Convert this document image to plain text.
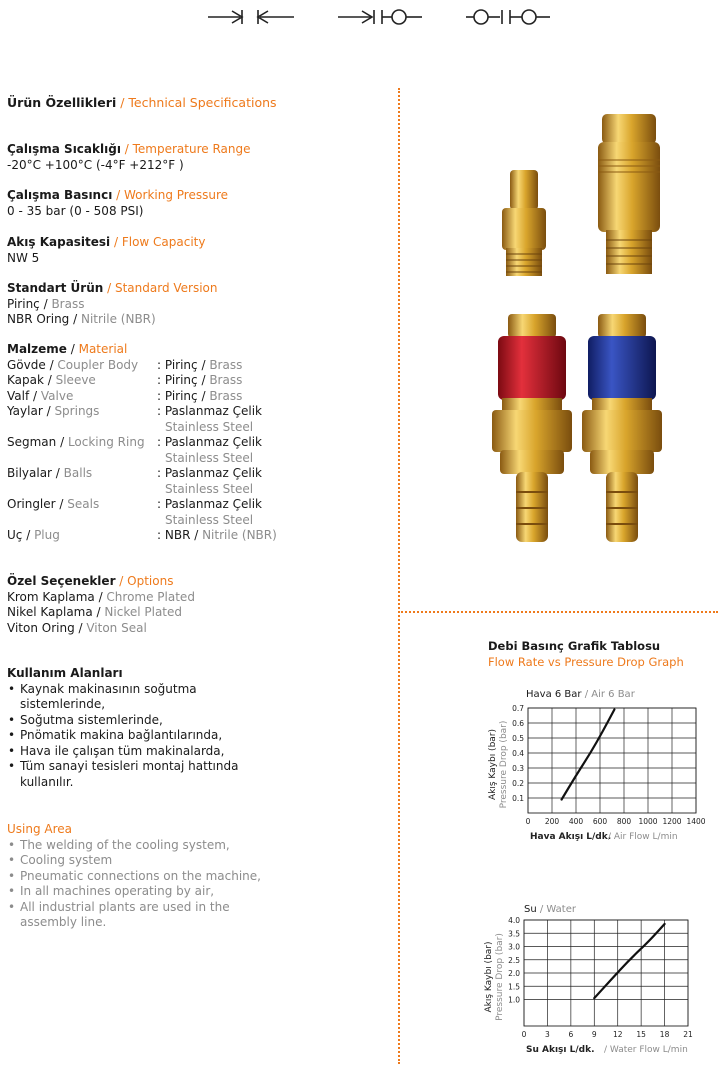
Ürün Özellikleri / Technical Specifications
Çalışma Sıcaklığı / Temperature Range
-20°C +100°C (-4°F +212°F )
Çalışma Basıncı / Working Pressure
0 - 35 bar (0 - 508 PSI)
Akış Kapasitesi / Flow Capacity
NW 5
Standart Ürün / Standard Version
Pirinç / Brass
NBR Oring / Nitrile (NBR)
Malzeme / Material
Gövde / Coupler Body : Pirinç / Brass
Kapak / Sleeve	: Pirinç / Brass
Valf / Valve	: Pirinç / Brass
Yaylar / Springs	: Paslanmaz Çelik
Stainless Steel
Segman / Locking Ring : Paslanmaz Çelik
Stainless Steel
Bilyalar / Balls	: Paslanmaz Çelik
Stainless Steel
Oringler / Seals	: Paslanmaz Çelik
Stainless Steel
Uç / Plug	: NBR / Nitrile (NBR)
Özel Seçenekler / Options
Krom Kaplama / Chrome Plated
Nikel Kaplama / Nickel Plated
Viton Oring / Viton Seal
Kullanım Alanları
• Kaynak makinasının soğutma sistemlerinde,
• Soğutma sistemlerinde,
• Pnömatik makina bağlantılarında,
• Hava ile çalışan tüm makinalarda,
• Tüm sanayi tesisleri montaj hattında kullanılır.
Using Area
• The welding of the cooling system,
• Cooling system
• Pneumatic connections on the machine,
• In all machines operating by air,
• All industrial plants are used in the assembly line.
Debi Basınç Grafik Tablosu
Flow Rate vs Pressure Drop Graph
Hava 6 Bar / Air 6 Bar
0 200 400 600 800 1000 1200 1400
0.1
0.2
0.3
0.4
0.5
0.6
0.7
Akış Kaybı (bar) Pressure Drop (bar)
Hava Akışı L/dk.
/ Air Flow L/min
Su / Water
0 3 6 9 12 15 18 21
1.0
1.5
2.0
2.5
3.0
3.5
4.0
Akış Kaybı (bar) Pressure Drop (bar)
Su Akışı L/dk. / Water Flow L/min
